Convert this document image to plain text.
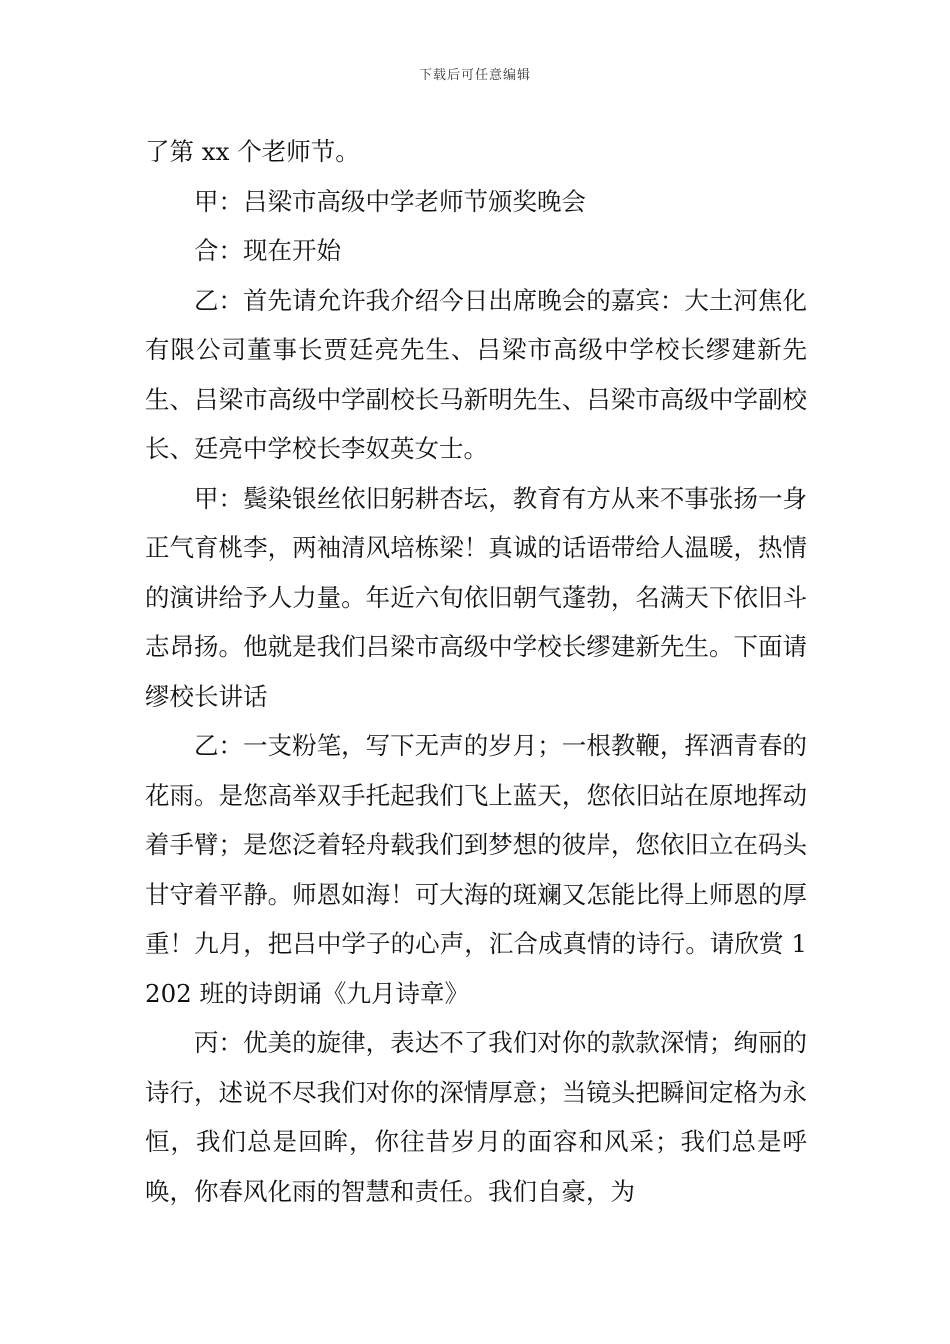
下载后可任意编辑

了第 xx 个老师节。

甲：吕梁市高级中学老师节颁奖晚会

合：现在开始

乙：首先请允许我介绍今日出席晚会的嘉宾：大土河焦化有限公司董事长贾廷亮先生、吕梁市高级中学校长缪建新先生、吕梁市高级中学副校长马新明先生、吕梁市高级中学副校长、廷亮中学校长李奴英女士。

甲：鬓染银丝依旧躬耕杏坛，教育有方从来不事张扬一身正气育桃李，两袖清风培栋梁！真诚的话语带给人温暖，热情的演讲给予人力量。年近六旬依旧朝气蓬勃，名满天下依旧斗志昂扬。他就是我们吕梁市高级中学校长缪建新先生。下面请缪校长讲话

乙：一支粉笔，写下无声的岁月；一根教鞭，挥洒青春的花雨。是您高举双手托起我们飞上蓝天，您依旧站在原地挥动着手臂；是您泛着轻舟载我们到梦想的彼岸，您依旧立在码头甘守着平静。师恩如海！可大海的斑斓又怎能比得上师恩的厚重！九月，把吕中学子的心声，汇合成真情的诗行。请欣赏 1202 班的诗朗诵《九月诗章》

丙：优美的旋律，表达不了我们对你的款款深情；绚丽的诗行，述说不尽我们对你的深情厚意；当镜头把瞬间定格为永恒，我们总是回眸，你往昔岁月的面容和风采；我们总是呼唤，你春风化雨的智慧和责任。我们自豪，为
